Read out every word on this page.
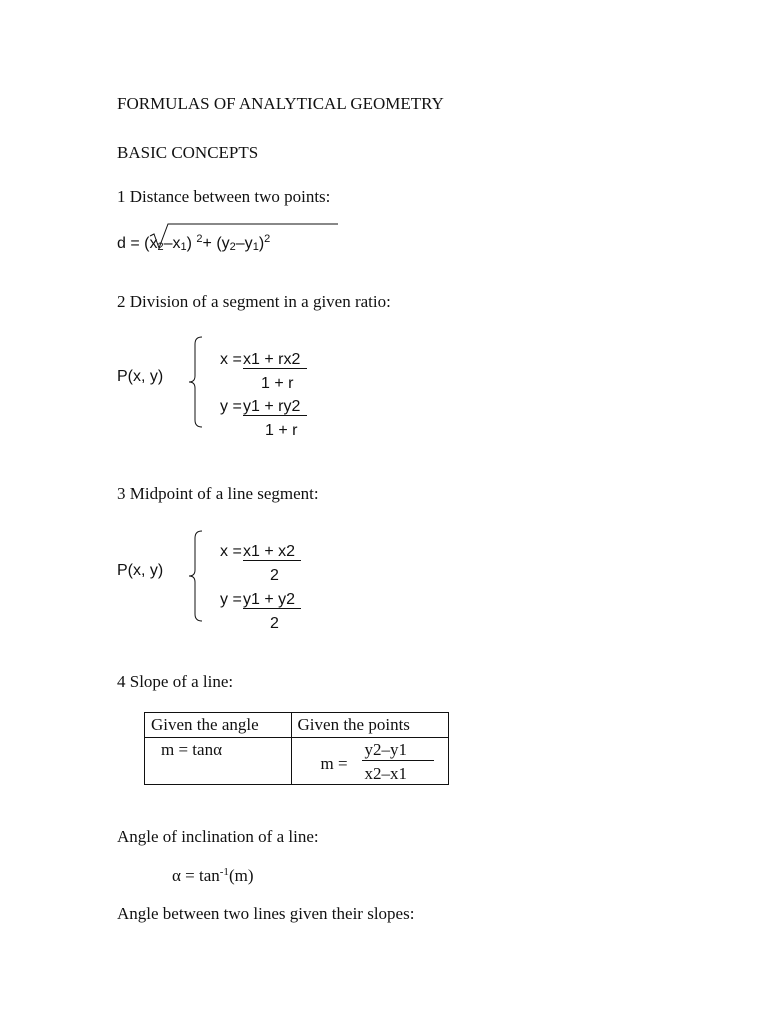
FORMULAS OF ANALYTICAL GEOMETRY
BASIC CONCEPTS
1 Distance between two points:
d = (x2–x1) $^2+ (y2-y1)^2$
2 Division of a segment in a given ratio:
P(x, y)
x = x1 + rx2
1 + r
y = y1 + ry2
1 + r
3 Midpoint of a line segment:
P(x, y)
x = x1 + x2
2
y = y1 + y2
2
4 Slope of a line:
Given the angle	Given the points

m = tanα	m =
y2–y1
x2–x1
Angle of inclination of a line:
$\alpha = \tan^{-1}(m)$
Angle between two lines given their slopes:
